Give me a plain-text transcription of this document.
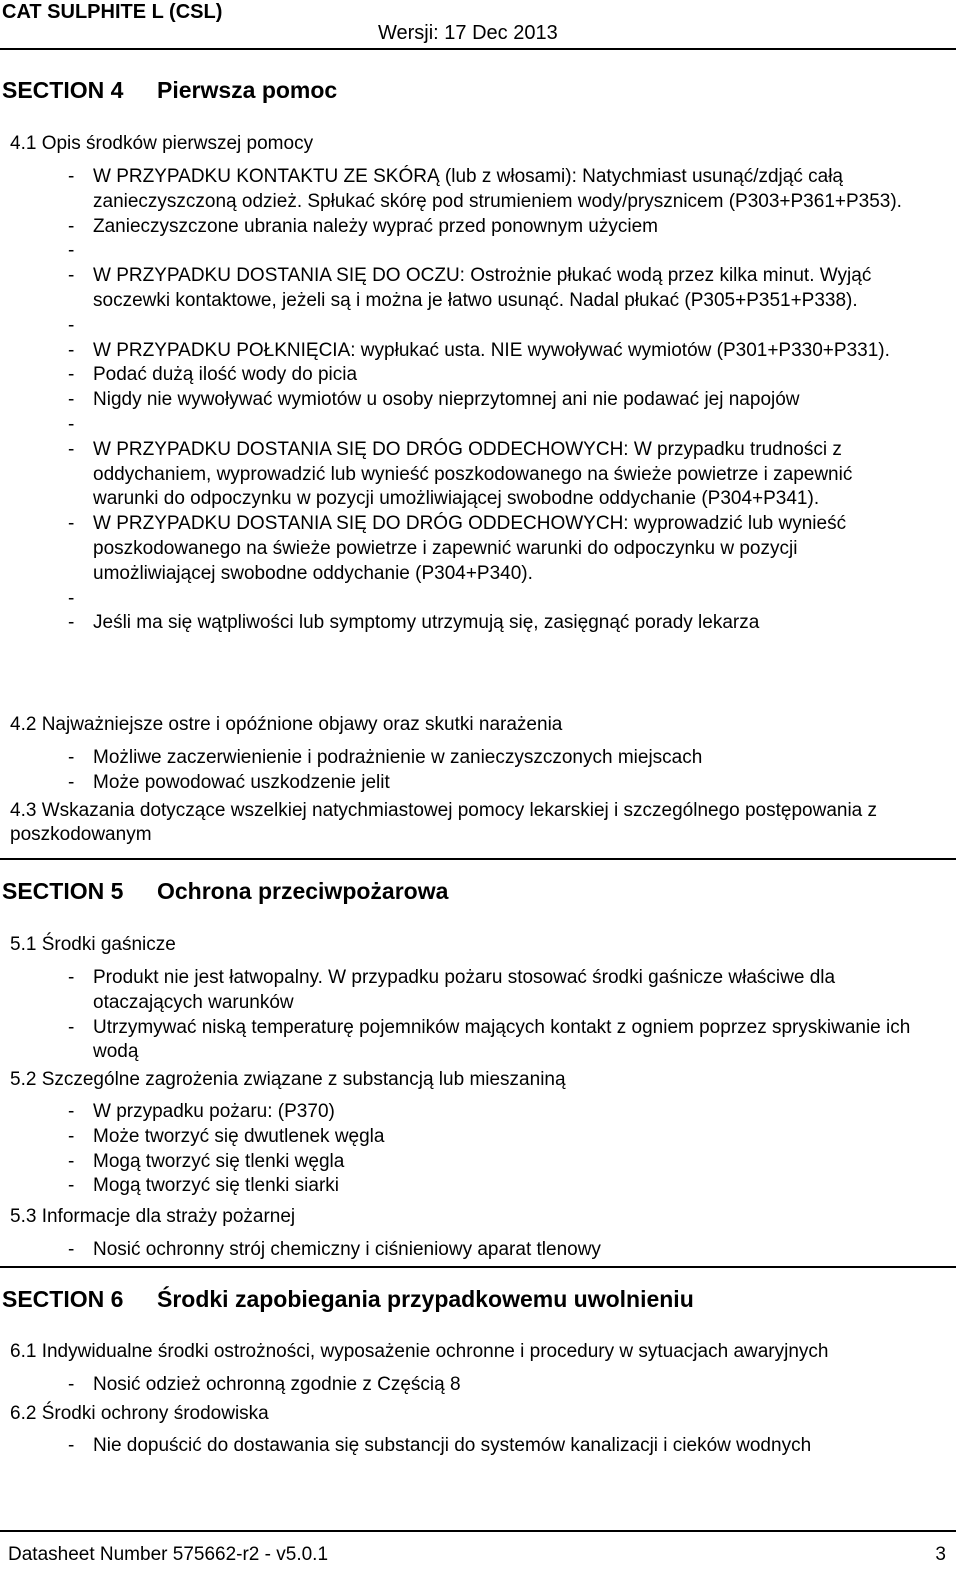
CAT SULPHITE L (CSL)
Wersji: 17 Dec 2013
SECTION 4 Pierwsza pomoc
4.1 Opis środków pierwszej pomocy
- W PRZYPADKU KONTAKTU ZE SKÓRĄ (lub z włosami): Natychmiast usunąć/zdjąć całą zanieczyszczoną odzież. Spłukać skórę pod strumieniem wody/prysznicem (P303+P361+P353).
- Zanieczyszczone ubrania należy wyprać przed ponownym użyciem
-
- W PRZYPADKU DOSTANIA SIĘ DO OCZU: Ostrożnie płukać wodą przez kilka minut. Wyjąć soczewki kontaktowe, jeżeli są i można je łatwo usunąć. Nadal płukać (P305+P351+P338).
-
- W PRZYPADKU POŁKNIĘCIA: wypłukać usta. NIE wywoływać wymiotów (P301+P330+P331).
- Podać dużą ilość wody do picia
- Nigdy nie wywoływać wymiotów u osoby nieprzytomnej ani nie podawać jej napojów
-
- W PRZYPADKU DOSTANIA SIĘ DO DRÓG ODDECHOWYCH: W przypadku trudności z oddychaniem, wyprowadzić lub wynieść poszkodowanego na świeże powietrze i zapewnić warunki do odpoczynku w pozycji umożliwiającej swobodne oddychanie (P304+P341).
- W PRZYPADKU DOSTANIA SIĘ DO DRÓG ODDECHOWYCH: wyprowadzić lub wynieść poszkodowanego na świeże powietrze i zapewnić warunki do odpoczynku w pozycji umożliwiającej swobodne oddychanie (P304+P340).
-
- Jeśli ma się wątpliwości lub symptomy utrzymują się, zasięgnąć porady lekarza
4.2 Najważniejsze ostre i opóźnione objawy oraz skutki narażenia
- Możliwe zaczerwienienie i podrażnienie w zanieczyszczonych miejscach
- Może powodować uszkodzenie jelit
4.3 Wskazania dotyczące wszelkiej natychmiastowej pomocy lekarskiej i szczególnego postępowania z poszkodowanym
SECTION 5 Ochrona przeciwpożarowa
5.1 Środki gaśnicze
- Produkt nie jest łatwopalny. W przypadku pożaru stosować środki gaśnicze właściwe dla otaczających warunków
- Utrzymywać niską temperaturę pojemników mających kontakt z ogniem poprzez spryskiwanie ich wodą
5.2 Szczególne zagrożenia związane z substancją lub mieszaniną
- W przypadku pożaru: (P370)
- Może tworzyć się dwutlenek węgla
- Mogą tworzyć się tlenki węgla
- Mogą tworzyć się tlenki siarki
5.3 Informacje dla straży pożarnej
- Nosić ochronny strój chemiczny i ciśnieniowy aparat tlenowy
SECTION 6 Środki zapobiegania przypadkowemu uwolnieniu
6.1 Indywidualne środki ostrożności, wyposażenie ochronne i procedury w sytuacjach awaryjnych
- Nosić odzież ochronną zgodnie z Częścią 8
6.2 Środki ochrony środowiska
- Nie dopuścić do dostawania się substancji do systemów kanalizacji i cieków wodnych
Datasheet Number 575662-r2 - v5.0.1	3
